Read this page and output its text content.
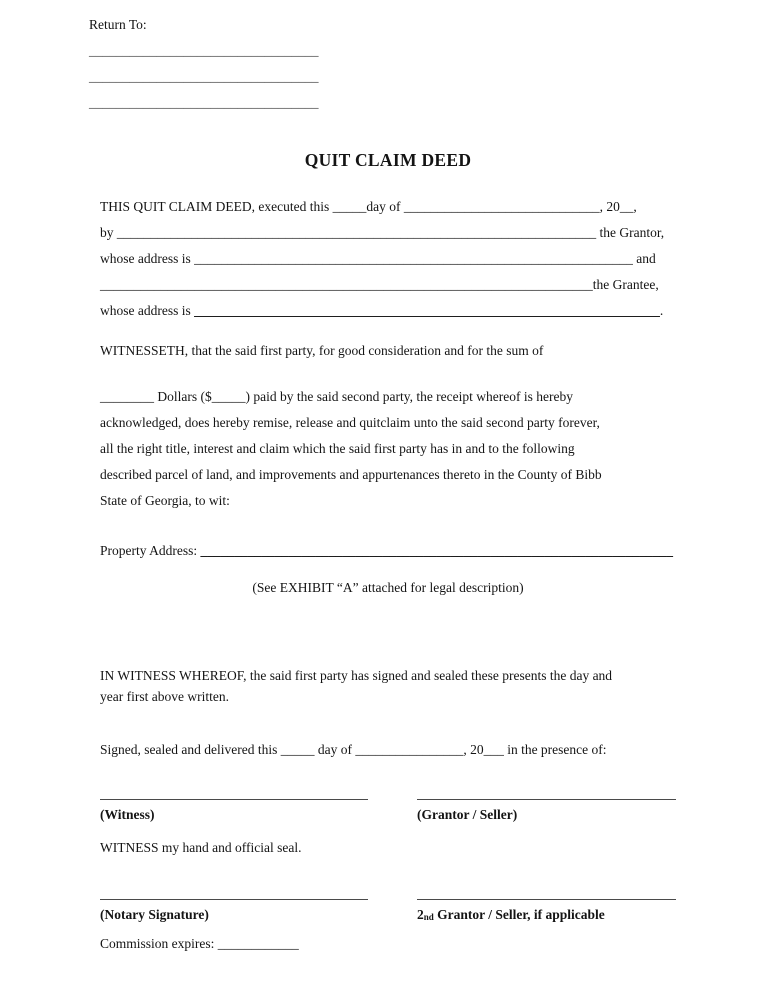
Return To:
__________________________________
__________________________________
__________________________________
QUIT CLAIM DEED
THIS QUIT CLAIM DEED, executed this _____day of _____________________________, 20__,
by _______________________________________________________________________ the Grantor,
whose address is _________________________________________________________________ and
_________________________________________________________________________the Grantee,
whose address is _____________________________________________________________________.
WITNESSETH, that the said first party, for good consideration and for the sum of
________ Dollars ($_____) paid by the said second party, the receipt whereof is hereby
acknowledged, does hereby remise, release and quitclaim unto the said second party forever,
all the right title, interest and claim which the said first party has in and to the following
described parcel of land, and improvements and appurtenances thereto in the County of Bibb
State of Georgia, to wit:
Property Address: ______________________________________________________________________
(See EXHIBIT “A” attached for legal description)
IN WITNESS WHEREOF, the said first party has signed and sealed these presents the day and
year first above written.
Signed, sealed and delivered this _____ day of ________________, 20___ in the presence of:
(Witness)	(Grantor / Seller)
WITNESS my hand and official seal.
(Notary Signature)	2nd Grantor / Seller, if applicable
Commission expires: ____________
